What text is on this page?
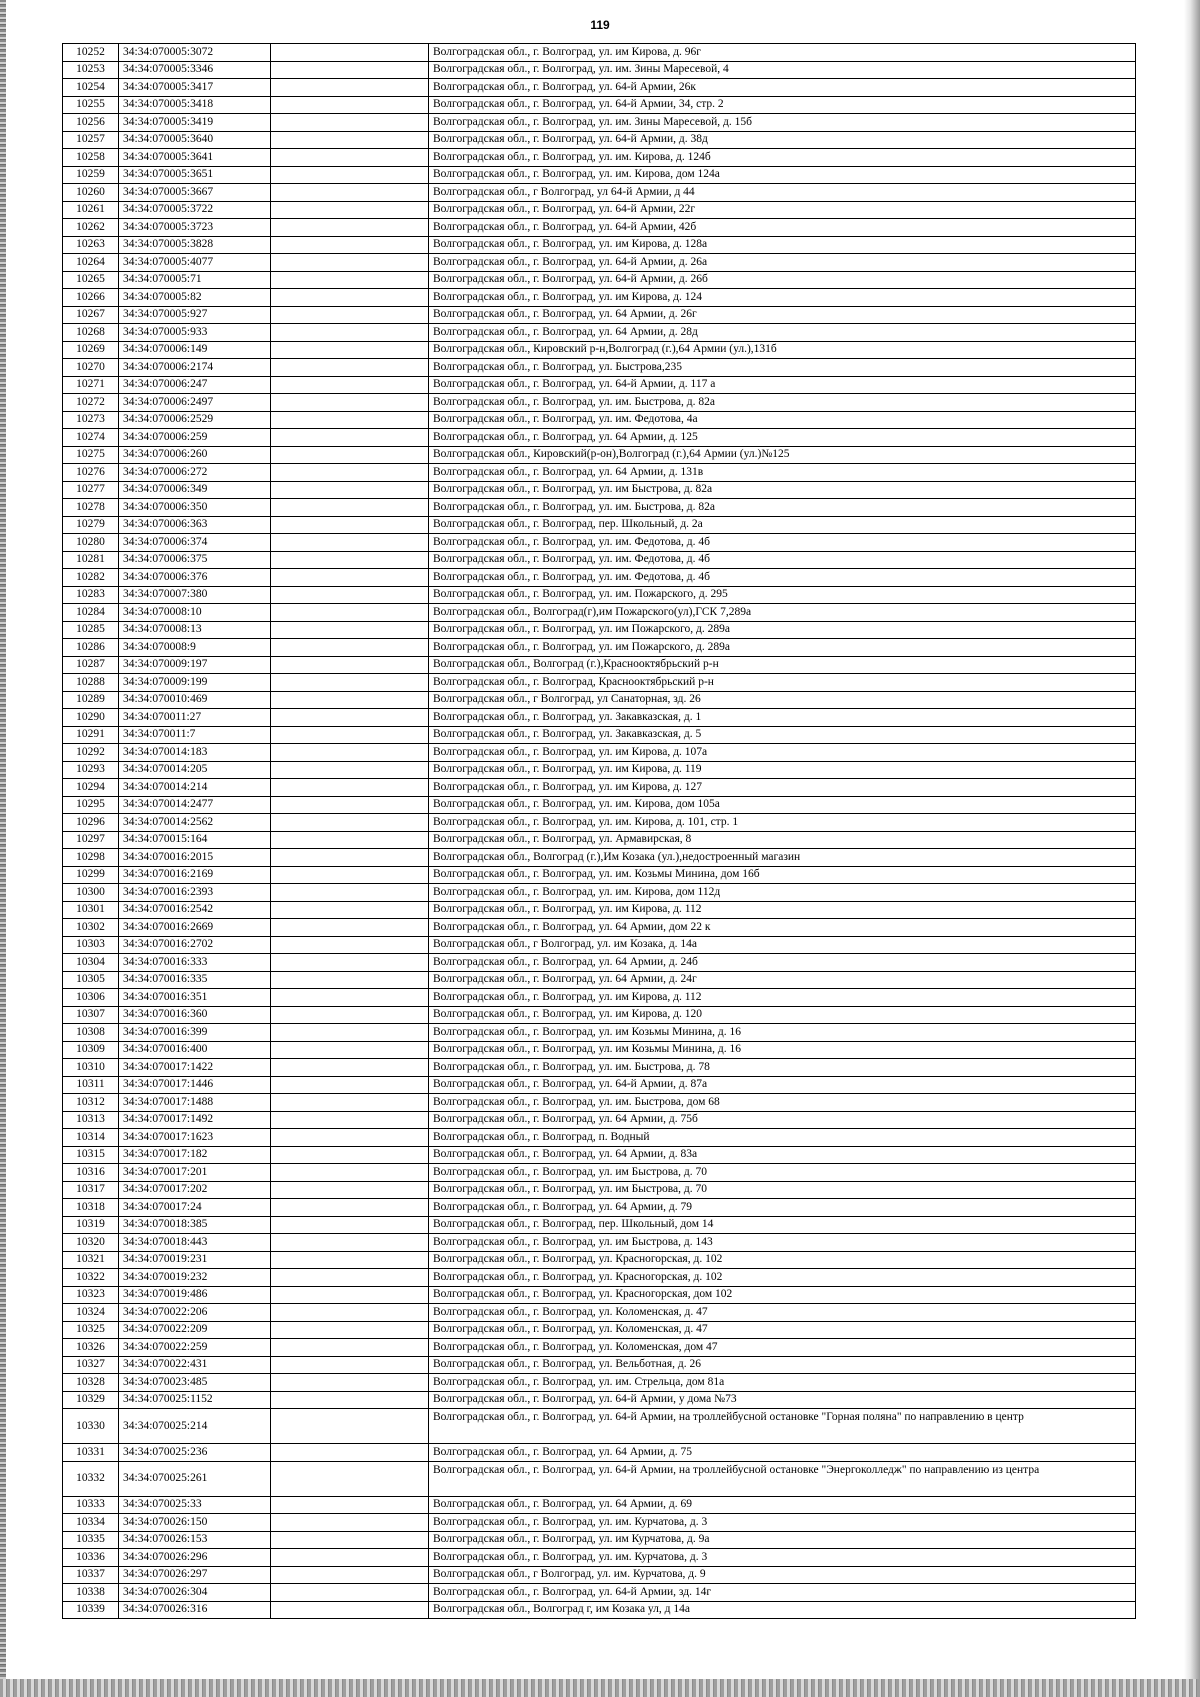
119
10252	34:34:070005:3072		Волгоградская обл., г. Волгоград, ул. им Кирова, д. 96г
10253	34:34:070005:3346		Волгоградская обл., г. Волгоград, ул. им. Зины Маресевой, 4
10254	34:34:070005:3417		Волгоградская обл., г. Волгоград, ул. 64-й Армии, 26к
10255	34:34:070005:3418		Волгоградская обл., г. Волгоград, ул. 64-й Армии, 34, стр. 2
10256	34:34:070005:3419		Волгоградская обл., г. Волгоград, ул. им. Зины Маресевой, д. 15б
10257	34:34:070005:3640		Волгоградская обл., г. Волгоград, ул. 64-й Армии, д. 38д
10258	34:34:070005:3641		Волгоградская обл., г. Волгоград, ул. им. Кирова, д. 124б
10259	34:34:070005:3651		Волгоградская обл., г. Волгоград, ул. им. Кирова, дом 124а
10260	34:34:070005:3667		Волгоградская обл., г Волгоград, ул 64-й Армии, д 44
10261	34:34:070005:3722		Волгоградская обл., г. Волгоград, ул. 64-й Армии, 22г
10262	34:34:070005:3723		Волгоградская обл., г. Волгоград, ул. 64-й Армии, 42б
10263	34:34:070005:3828		Волгоградская обл., г. Волгоград, ул. им Кирова, д. 128а
10264	34:34:070005:4077		Волгоградская обл., г. Волгоград, ул. 64-й Армии, д. 26а
10265	34:34:070005:71		Волгоградская обл., г. Волгоград, ул. 64-й Армии, д. 26б
10266	34:34:070005:82		Волгоградская обл., г. Волгоград, ул. им Кирова, д. 124
10267	34:34:070005:927		Волгоградская обл., г. Волгоград, ул. 64 Армии, д. 26г
10268	34:34:070005:933		Волгоградская обл., г. Волгоград, ул. 64 Армии, д. 28д
10269	34:34:070006:149		Волгоградская обл., Кировский р-н,Волгоград (г.),64 Армии (ул.),131б
10270	34:34:070006:2174		Волгоградская обл., г. Волгоград, ул. Быстрова,235
10271	34:34:070006:247		Волгоградская обл., г. Волгоград, ул. 64-й Армии, д. 117 а
10272	34:34:070006:2497		Волгоградская обл., г. Волгоград, ул. им. Быстрова, д. 82а
10273	34:34:070006:2529		Волгоградская обл., г. Волгоград, ул. им. Федотова, 4а
10274	34:34:070006:259		Волгоградская обл., г. Волгоград, ул. 64 Армии, д. 125
10275	34:34:070006:260		Волгоградская обл., Кировский(р-он),Волгоград (г.),64 Армии (ул.)№125
10276	34:34:070006:272		Волгоградская обл., г. Волгоград, ул. 64 Армии, д. 131в
10277	34:34:070006:349		Волгоградская обл., г. Волгоград, ул. им Быстрова, д. 82а
10278	34:34:070006:350		Волгоградская обл., г. Волгоград, ул. им. Быстрова, д. 82а
10279	34:34:070006:363		Волгоградская обл., г. Волгоград, пер. Школьный, д. 2а
10280	34:34:070006:374		Волгоградская обл., г. Волгоград, ул. им. Федотова, д. 4б
10281	34:34:070006:375		Волгоградская обл., г. Волгоград, ул. им. Федотова, д. 4б
10282	34:34:070006:376		Волгоградская обл., г. Волгоград, ул. им. Федотова, д. 4б
10283	34:34:070007:380		Волгоградская обл., г. Волгоград, ул. им. Пожарского, д. 295
10284	34:34:070008:10		Волгоградская обл., Волгоград(г),им Пожарского(ул),ГСК 7,289а
10285	34:34:070008:13		Волгоградская обл., г. Волгоград, ул. им Пожарского, д. 289а
10286	34:34:070008:9		Волгоградская обл., г. Волгоград, ул. им Пожарского, д. 289а
10287	34:34:070009:197		Волгоградская обл., Волгоград (г.),Краснооктябрьский р-н
10288	34:34:070009:199		Волгоградская обл., г. Волгоград, Краснооктябрьский р-н
10289	34:34:070010:469		Волгоградская обл., г Волгоград, ул Санаторная, зд. 26
10290	34:34:070011:27		Волгоградская обл., г. Волгоград, ул. Закавказская, д. 1
10291	34:34:070011:7		Волгоградская обл., г. Волгоград, ул. Закавказская, д. 5
10292	34:34:070014:183		Волгоградская обл., г. Волгоград, ул. им Кирова, д. 107а
10293	34:34:070014:205		Волгоградская обл., г. Волгоград, ул. им Кирова, д. 119
10294	34:34:070014:214		Волгоградская обл., г. Волгоград, ул. им Кирова, д. 127
10295	34:34:070014:2477		Волгоградская обл., г. Волгоград, ул. им. Кирова, дом 105а
10296	34:34:070014:2562		Волгоградская обл., г. Волгоград, ул. им. Кирова, д. 101, стр. 1
10297	34:34:070015:164		Волгоградская обл., г. Волгоград, ул. Армавирская, 8
10298	34:34:070016:2015		Волгоградская обл., Волгоград (г.),Им Козака (ул.),недостроенный магазин
10299	34:34:070016:2169		Волгоградская обл., г. Волгоград, ул. им. Козьмы Минина, дом 16б
10300	34:34:070016:2393		Волгоградская обл., г. Волгоград, ул. им. Кирова, дом 112д
10301	34:34:070016:2542		Волгоградская обл., г. Волгоград, ул. им Кирова, д. 112
10302	34:34:070016:2669		Волгоградская обл., г. Волгоград, ул. 64 Армии, дом 22 к
10303	34:34:070016:2702		Волгоградская обл., г Волгоград, ул. им Козака, д. 14а
10304	34:34:070016:333		Волгоградская обл., г. Волгоград, ул. 64 Армии, д. 24б
10305	34:34:070016:335		Волгоградская обл., г. Волгоград, ул. 64 Армии, д. 24г
10306	34:34:070016:351		Волгоградская обл., г. Волгоград, ул. им Кирова, д. 112
10307	34:34:070016:360		Волгоградская обл., г. Волгоград, ул. им Кирова, д. 120
10308	34:34:070016:399		Волгоградская обл., г. Волгоград, ул. им Козьмы Минина, д. 16
10309	34:34:070016:400		Волгоградская обл., г. Волгоград, ул. им Козьмы Минина, д. 16
10310	34:34:070017:1422		Волгоградская обл., г. Волгоград, ул. им. Быстрова, д. 78
10311	34:34:070017:1446		Волгоградская обл., г. Волгоград, ул. 64-й Армии, д. 87а
10312	34:34:070017:1488		Волгоградская обл., г. Волгоград, ул. им. Быстрова, дом 68
10313	34:34:070017:1492		Волгоградская обл., г. Волгоград, ул. 64 Армии, д. 75б
10314	34:34:070017:1623		Волгоградская обл., г. Волгоград, п. Водный
10315	34:34:070017:182		Волгоградская обл., г. Волгоград, ул. 64 Армии, д. 83а
10316	34:34:070017:201		Волгоградская обл., г. Волгоград, ул. им Быстрова, д. 70
10317	34:34:070017:202		Волгоградская обл., г. Волгоград, ул. им Быстрова, д. 70
10318	34:34:070017:24		Волгоградская обл., г. Волгоград, ул. 64 Армии, д. 79
10319	34:34:070018:385		Волгоградская обл., г. Волгоград, пер. Школьный, дом 14
10320	34:34:070018:443		Волгоградская обл., г. Волгоград, ул. им Быстрова, д. 143
10321	34:34:070019:231		Волгоградская обл., г. Волгоград, ул. Красногорская, д. 102
10322	34:34:070019:232		Волгоградская обл., г. Волгоград, ул. Красногорская, д. 102
10323	34:34:070019:486		Волгоградская обл., г. Волгоград, ул. Красногорская, дом 102
10324	34:34:070022:206		Волгоградская обл., г. Волгоград, ул. Коломенская, д. 47
10325	34:34:070022:209		Волгоградская обл., г. Волгоград, ул. Коломенская, д. 47
10326	34:34:070022:259		Волгоградская обл., г. Волгоград, ул. Коломенская, дом 47
10327	34:34:070022:431		Волгоградская обл., г. Волгоград, ул. Вельботная, д. 26
10328	34:34:070023:485		Волгоградская обл., г. Волгоград, ул. им. Стрельца, дом 81а
10329	34:34:070025:1152		Волгоградская обл., г. Волгоград, ул. 64-й Армии, у дома №73
10330	34:34:070025:214		Волгоградская обл., г. Волгоград, ул. 64-й Армии, на троллейбусной остановке "Горная поляна" по направлению в центр
10331	34:34:070025:236		Волгоградская обл., г. Волгоград, ул. 64 Армии, д. 75
10332	34:34:070025:261		Волгоградская обл., г. Волгоград, ул. 64-й Армии, на троллейбусной остановке "Энергоколледж" по направлению из центра
10333	34:34:070025:33		Волгоградская обл., г. Волгоград, ул. 64 Армии, д. 69
10334	34:34:070026:150		Волгоградская обл., г. Волгоград, ул. им. Курчатова, д. 3
10335	34:34:070026:153		Волгоградская обл., г. Волгоград, ул. им Курчатова, д. 9а
10336	34:34:070026:296		Волгоградская обл., г. Волгоград, ул. им. Курчатова, д. 3
10337	34:34:070026:297		Волгоградская обл., г Волгоград, ул. им. Курчатова, д. 9
10338	34:34:070026:304		Волгоградская обл., г. Волгоград, ул. 64-й Армии, зд. 14г
10339	34:34:070026:316		Волгоградская обл., Волгоград г, им Козака ул, д 14а
